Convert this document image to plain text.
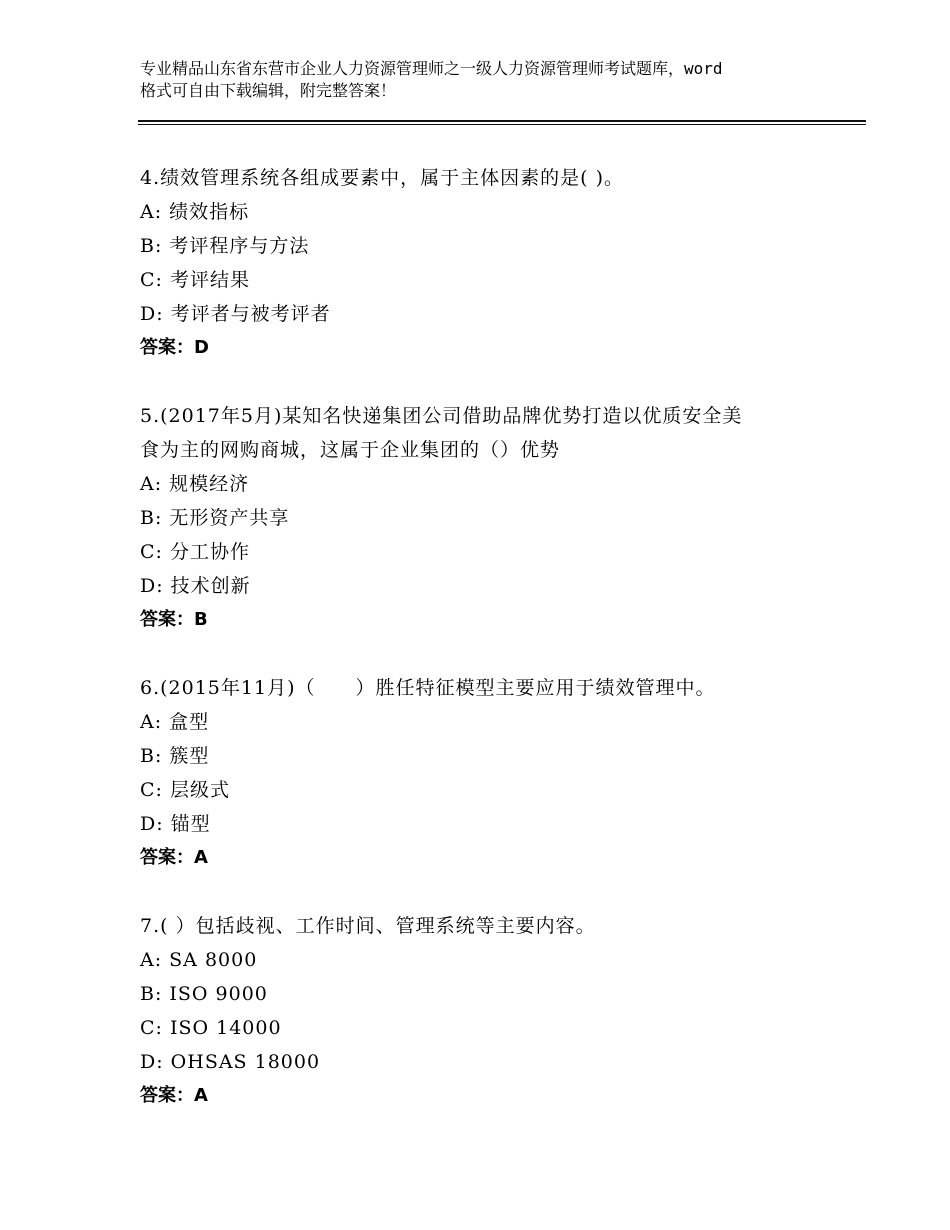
专业精品山东省东营市企业人力资源管理师之一级人力资源管理师考试题库，word
格式可自由下载编辑，附完整答案！
4.绩效管理系统各组成要素中，属于主体因素的是( )。
A: 绩效指标
B: 考评程序与方法
C: 考评结果
D: 考评者与被考评者
答案：D
5.(2017年5月)某知名快递集团公司借助品牌优势打造以优质安全美
食为主的网购商城，这属于企业集团的（）优势
A: 规模经济
B: 无形资产共享
C: 分工协作
D: 技术创新
答案：B
6.(2015年11月)（　　）胜任特征模型主要应用于绩效管理中。
A: 盒型
B: 簇型
C: 层级式
D: 锚型
答案：A
7.( ）包括歧视、工作时间、管理系统等主要内容。
A: SA 8000
B: ISO 9000
C: ISO 14000
D: OHSAS 18000
答案：A
